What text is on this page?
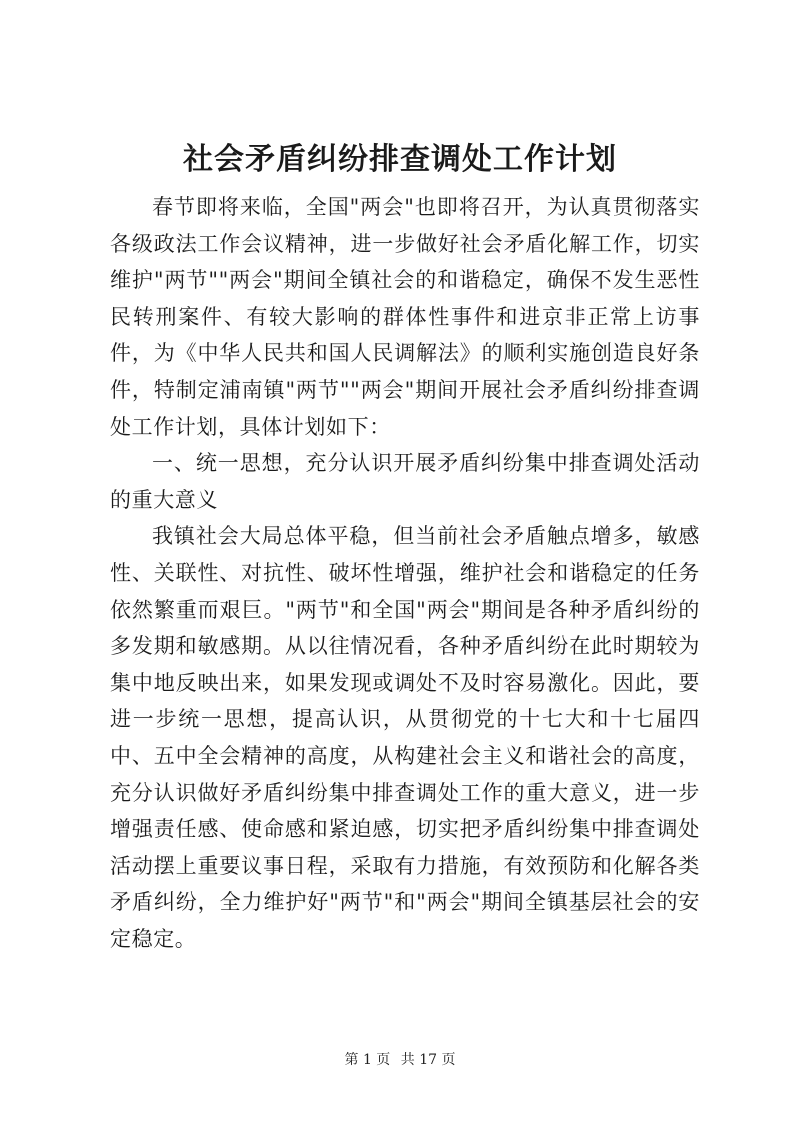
社会矛盾纠纷排查调处工作计划

春节即将来临，全国"两会"也即将召开，为认真贯彻落实各级政法工作会议精神，进一步做好社会矛盾化解工作，切实维护"两节""两会"期间全镇社会的和谐稳定，确保不发生恶性民转刑案件、有较大影响的群体性事件和进京非正常上访事件，为《中华人民共和国人民调解法》的顺利实施创造良好条件，特制定浦南镇"两节""两会"期间开展社会矛盾纠纷排查调处工作计划，具体计划如下：

一、统一思想，充分认识开展矛盾纠纷集中排查调处活动的重大意义

我镇社会大局总体平稳，但当前社会矛盾触点增多，敏感性、关联性、对抗性、破坏性增强，维护社会和谐稳定的任务依然繁重而艰巨。"两节"和全国"两会"期间是各种矛盾纠纷的多发期和敏感期。从以往情况看，各种矛盾纠纷在此时期较为集中地反映出来，如果发现或调处不及时容易激化。因此，要进一步统一思想，提高认识，从贯彻党的十七大和十七届四中、五中全会精神的高度，从构建社会主义和谐社会的高度，充分认识做好矛盾纠纷集中排查调处工作的重大意义，进一步增强责任感、使命感和紧迫感，切实把矛盾纠纷集中排查调处活动摆上重要议事日程，采取有力措施，有效预防和化解各类矛盾纠纷，全力维护好"两节"和"两会"期间全镇基层社会的安定稳定。

第 1 页 共 17 页
